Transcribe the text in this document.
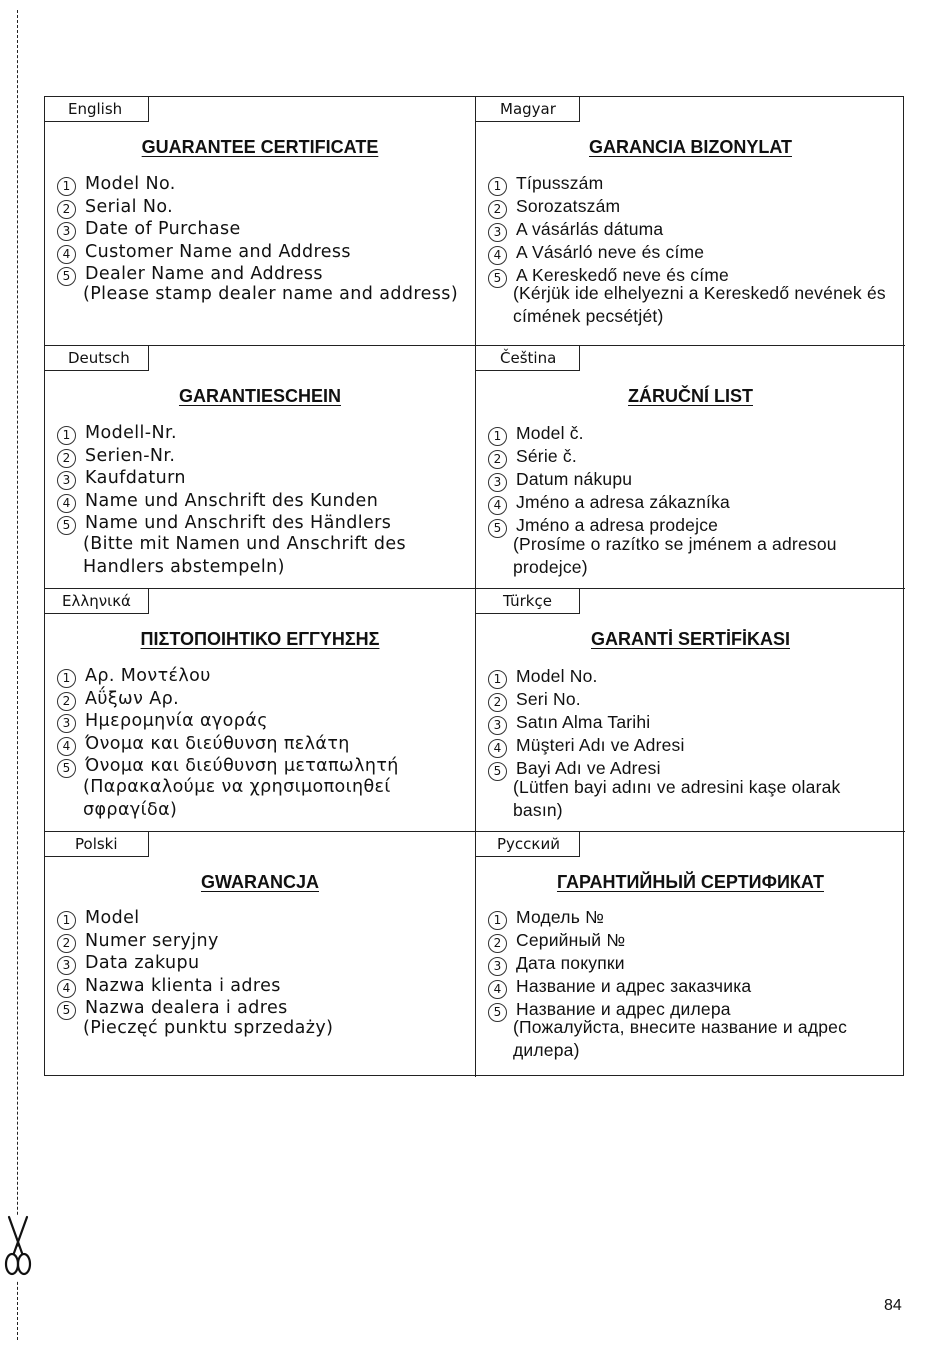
English
GUARANTEE CERTIFICATE
1 Model No.
2 Serial No.
3 Date of Purchase
4 Customer Name and Address
5 Dealer Name and Address

(Please stamp dealer name and address)

Magyar
GARANCIA BIZONYLAT
1 Típusszám
2 Sorozatszám
3 A vásárlás dátuma
4 A Vásárló neve és címe
5 A Kereskedő neve és címe

(Kérjük ide elhelyezni a Kereskedő nevének és címének pecsétjét)

Deutsch
GARANTIESCHEIN
1 Modell-Nr.
2 Serien-Nr.
3 Kaufdaturn
4 Name und Anschrift des Kunden
5 Name und Anschrift des Händlers

(Bitte mit Namen und Anschrift des Handlers abstempeln)

Čeština
ZÁRUČNÍ LIST
1 Model č.
2 Série č.
3 Datum nákupu
4 Jméno a adresa zákazníka
5 Jméno a adresa prodejce

(Prosíme o razítko se jménem a adresou prodejce)

Ελληνικά
ΠΙΣΤΟΠΟΙΗΤΙΚΟ ΕΓΓΥΗΣΗΣ
1 Αρ. Μοντέλου
2 Αΰξων Αρ.
3 Ημερομηνία αγοράς
4 Όνομα και διεύθυνση πελάτη
5 Όνομα και διεύθυνση μεταπωλητή

(Παρακαλούμε να χρησιμοποιηθεί σφραγίδα)

Türkçe
GARANTİ SERTİFİKASI
1 Model No.
2 Seri No.
3 Satın Alma Tarihi
4 Müşteri Adı ve Adresi
5 Bayi Adı ve Adresi

(Lütfen bayi adını ve adresini kaşe olarak basın)

Polski
GWARANCJA
1 Model
2 Numer seryjny
3 Data zakupu
4 Nazwa klienta i adres
5 Nazwa dealera i adres

(Pieczęć punktu sprzedaży)

Русский
ГАРАНТИЙНЫЙ СЕРТИФИКАТ
1 Модель №
2 Серийный №
3 Дата покупки
4 Название и адрес заказчика
5 Название и адрес дилера

(Пожалуйста, внесите название и адрес дилера)

84
